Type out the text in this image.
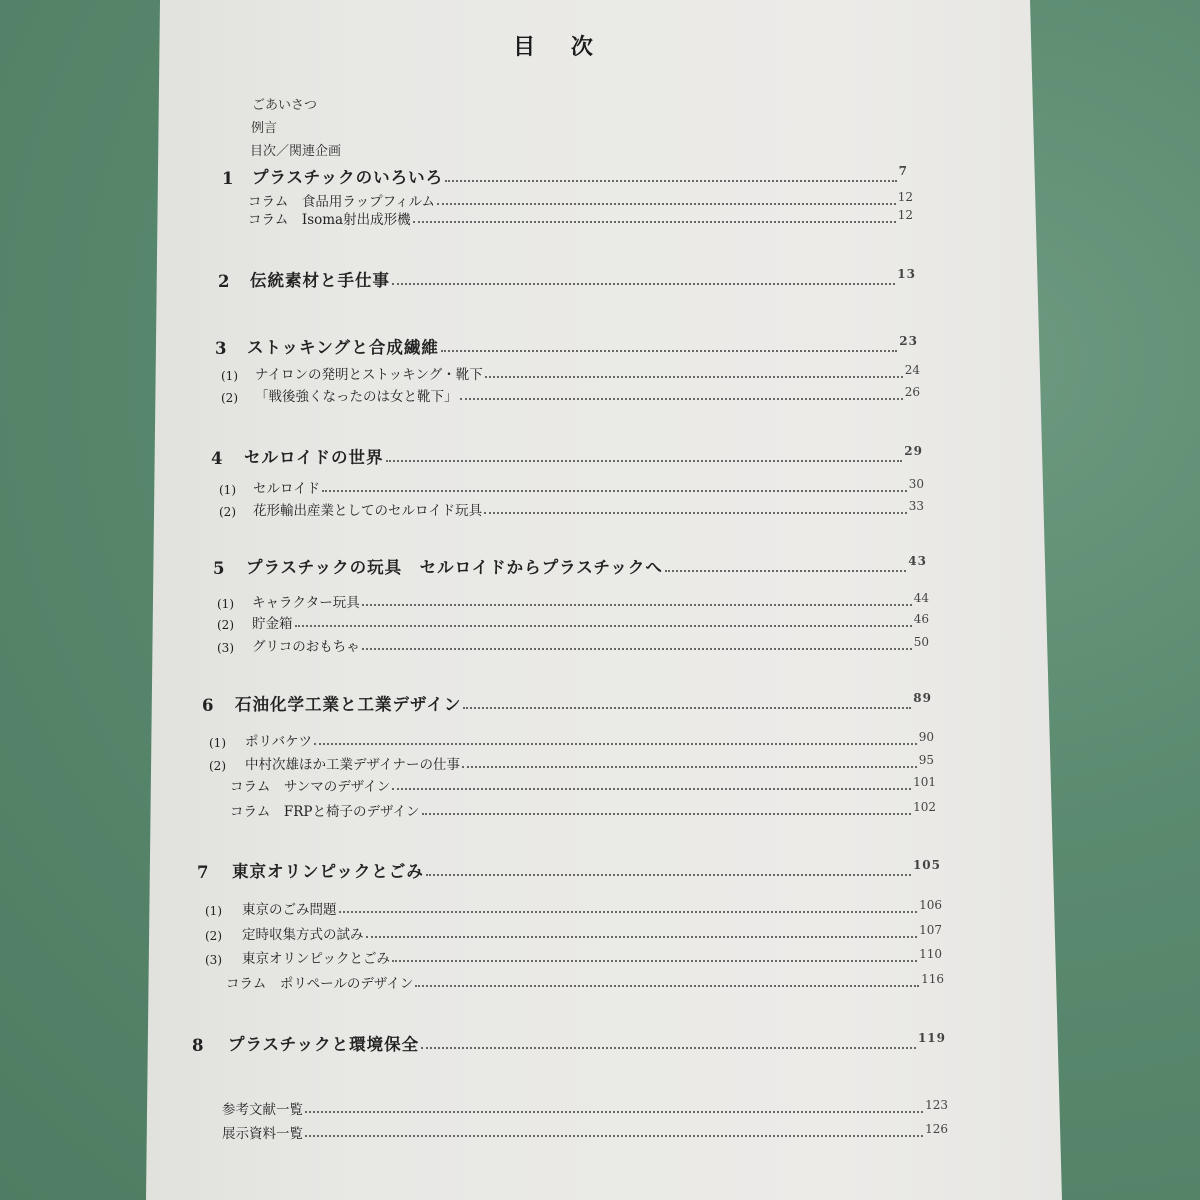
目 次
ごあいさつ
例言
目次／関連企画
1	プラスチックのいろいろ	7
コラム　食品用ラップフィルム	12
コラム　Isoma射出成形機	12
2	伝統素材と手仕事	13
3	ストッキングと合成繊維	23
(1)	ナイロンの発明とストッキング・靴下	24
(2)	「戦後強くなったのは女と靴下」	26
4	セルロイドの世界	29
(1)	セルロイド	30
(2)	花形輸出産業としてのセルロイド玩具	33
5	プラスチックの玩具　セルロイドからプラスチックへ	43
(1)	キャラクター玩具	44
(2)	貯金箱	46
(3)	グリコのおもちゃ	50
6	石油化学工業と工業デザイン	89
(1)	ポリバケツ	90
(2)	中村次雄ほか工業デザイナーの仕事	95
コラム　サンマのデザイン	101
コラム　FRPと椅子のデザイン	102
7	東京オリンピックとごみ	105
(1)	東京のごみ問題	106
(2)	定時収集方式の試み	107
(3)	東京オリンピックとごみ	110
コラム　ポリペールのデザイン	116
8	プラスチックと環境保全	119
参考文献一覧	123
展示資料一覧	126
